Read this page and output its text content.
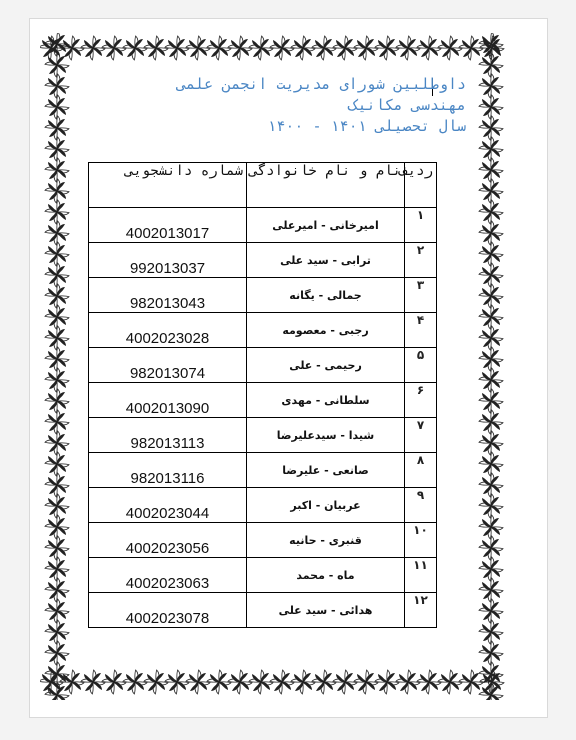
داوطلبین شورای مدیریت انجمن علمی
مهندسی مکانیک
سال تحصیلی ۱۴۰۱ - ۱۴۰۰
ردیف	نام و نام خانوادگی	شماره دانشجویی
۱	امیرخانی - امیرعلی	4002013017
۲	ترابی - سید علی	992013037
۳	جمالی - یگانه	982013043
۴	رجبی - معصومه	4002023028
۵	رحیمی - علی	982013074
۶	سلطانی - مهدی	4002013090
۷	شیدا - سیدعلیرضا	982013113
۸	صانعی - علیرضا	982013116
۹	عربیان - اکبر	4002023044
۱۰	قنبری - حانیه	4002023056
۱۱	ماه - محمد	4002023063
۱۲	هدائی - سید علی	4002023078
